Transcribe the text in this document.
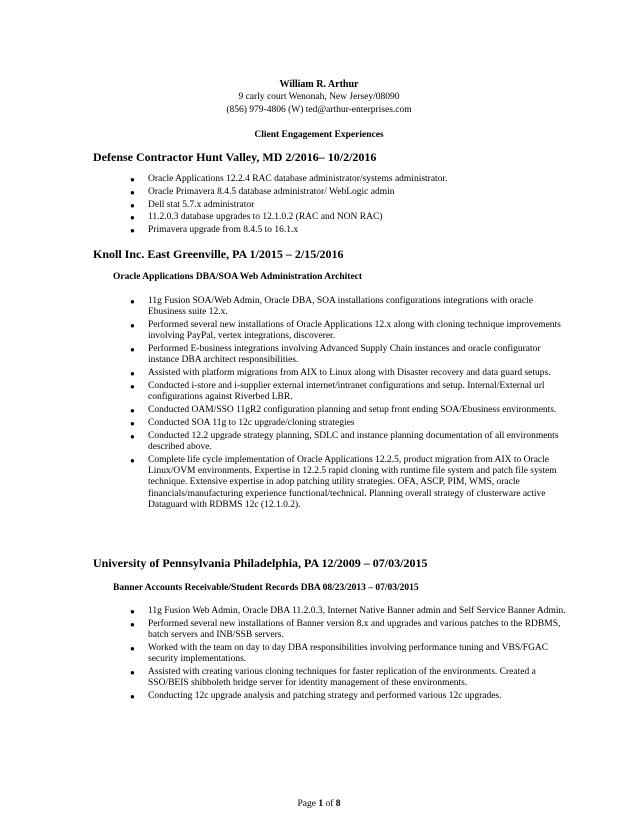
William R. Arthur
9 carly court Wenonah, New Jersey/08090
(856) 979-4806 (W) ted@arthur-enterprises.com
Client Engagement Experiences
Defense Contractor Hunt Valley, MD 2/2016– 10/2/2016
● Oracle Applications 12.2.4 RAC database administrator/systems administrator.
● Oracle Primavera 8.4.5 database administrator/ WebLogic admin
● Dell stat 5.7.x administrator
● 11.2.0.3 database upgrades to 12.1.0.2 (RAC and NON RAC)
● Primavera upgrade from 8.4.5 to 16.1.x
Knoll Inc. East Greenville, PA 1/2015 – 2/15/2016
Oracle Applications DBA/SOA Web Administration Architect
● 11g Fusion SOA/Web Admin, Oracle DBA, SOA installations configurations integrations with oracle Ebusiness suite 12.x.
● Performed several new installations of Oracle Applications 12.x along with cloning technique improvements involving PayPal, vertex integrations, discoverer.
● Performed E-business integrations involving Advanced Supply Chain instances and oracle configurator instance DBA architect responsibilities.
● Assisted with platform migrations from AIX to Linux along with Disaster recovery and data guard setups.
● Conducted i-store and i-supplier external internet/intranet configurations and setup. Internal/External url configurations against Riverbed LBR.
● Conducted OAM/SSO 11gR2 configuration planning and setup front ending SOA/Ebusiness environments.
● Conducted SOA 11g to 12c upgrade/cloning strategies
● Conducted 12.2 upgrade strategy planning, SDLC and instance planning documentation of all environments described above.
● Complete life cycle implementation of Oracle Applications 12.2.5, product migration from AIX to Oracle Linux/OVM environments. Expertise in 12.2.5 rapid cloning with runtime file system and patch file system technique. Extensive expertise in adop patching utility strategies. OFA, ASCP, PIM, WMS, oracle financials/manufacturing experience functional/technical. Planning overall strategy of clusterware active Dataguard with RDBMS 12c (12.1.0.2).
University of Pennsylvania Philadelphia, PA 12/2009 – 07/03/2015
Banner Accounts Receivable/Student Records DBA 08/23/2013 – 07/03/2015
● 11g Fusion Web Admin, Oracle DBA 11.2.0.3, Internet Native Banner admin and Self Service Banner Admin.
● Performed several new installations of Banner version 8.x and upgrades and various patches to the RDBMS, batch servers and INB/SSB servers.
● Worked with the team on day to day DBA responsibilities involving performance tuning and VBS/FGAC security implementations.
● Assisted with creating various cloning techniques for faster replication of the environments. Created a SSO/BEIS shibboleth bridge server for identity management of these environments.
● Conducting 12c upgrade analysis and patching strategy and performed various 12c upgrades.
Page 1 of 8
